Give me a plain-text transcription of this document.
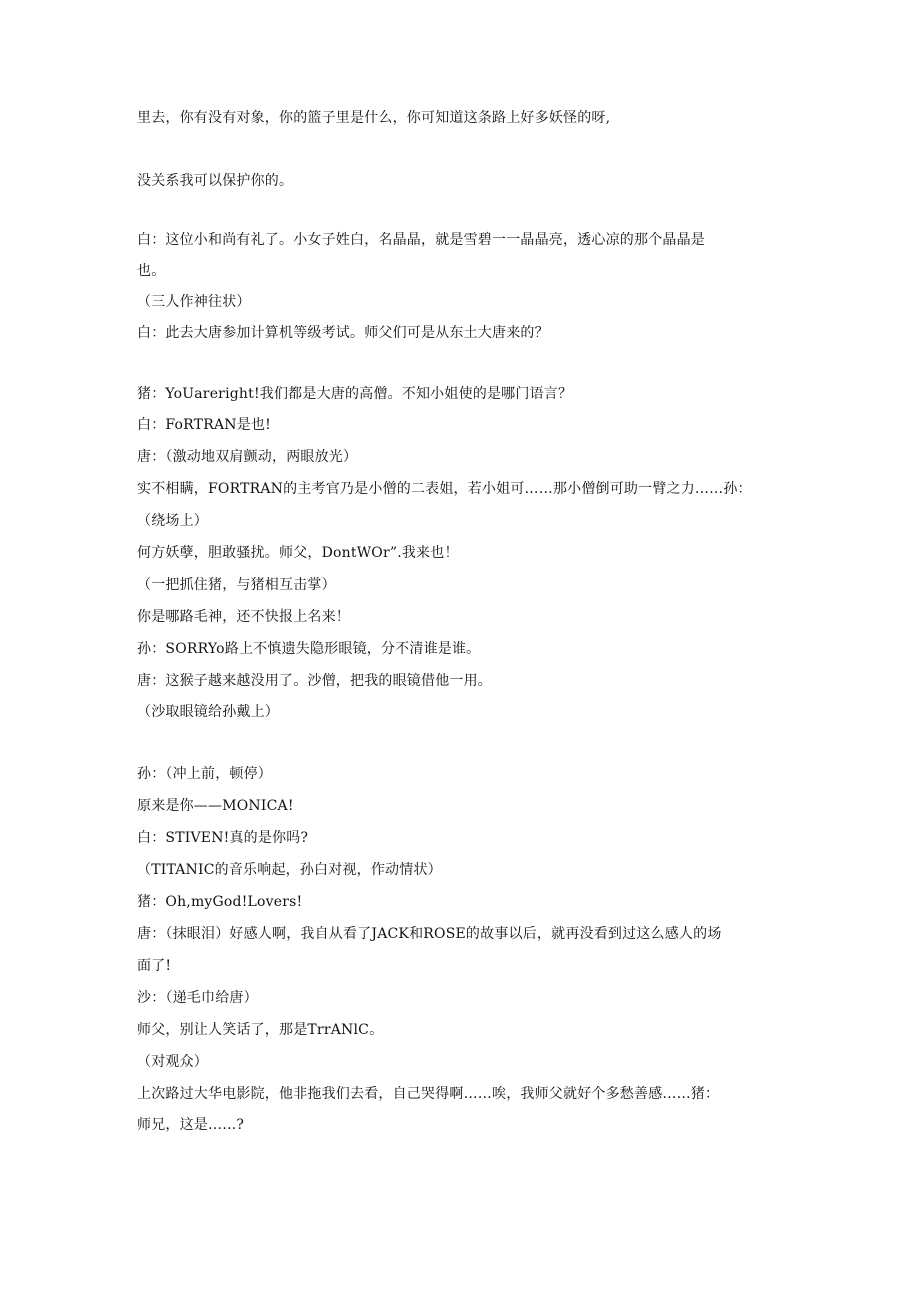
里去，你有没有对象，你的篮子里是什么，你可知道这条路上好多妖怪的呀,
没关系我可以保护你的。
白：这位小和尚有礼了。小女子姓白，名晶晶，就是雪碧一一晶晶亮，透心凉的那个晶晶是
也。
（三人作神往状）
白：此去大唐参加计算机等级考试。师父们可是从东土大唐来的？
猪：YoUareright!我们都是大唐的高僧。不知小姐使的是哪门语言？
白：FoRTRAN是也!
唐：（激动地双肩颤动，两眼放光）
实不相瞒，FORTRAN的主考官乃是小僧的二表姐，若小姐可……那小僧倒可助一臂之力……孙：
（绕场上）
何方妖孽，胆敢骚扰。师父，DontWOr”.我来也！
（一把抓住猪，与猪相互击掌）
你是哪路毛神，还不快报上名来！
孙：SORRYo路上不慎遗失隐形眼镜，分不清谁是谁。
唐：这猴子越来越没用了。沙僧，把我的眼镜借他一用。
（沙取眼镜给孙戴上）
孙：（冲上前，顿停）
原来是你——MONICA!
白：STIVEN!真的是你吗?
（TITANIC的音乐响起，孙白对视，作动情状）
猪：Oh,myGod!Lovers!
唐：（抹眼泪）好感人啊，我自从看了JACK和ROSE的故事以后，就再没看到过这么感人的场
面了!
沙：（递毛巾给唐）
师父，别让人笑话了，那是TrrANlC。
（对观众）
上次路过大华电影院，他非拖我们去看，自己哭得啊……唉，我师父就好个多愁善感……猪：
师兄，这是……?
